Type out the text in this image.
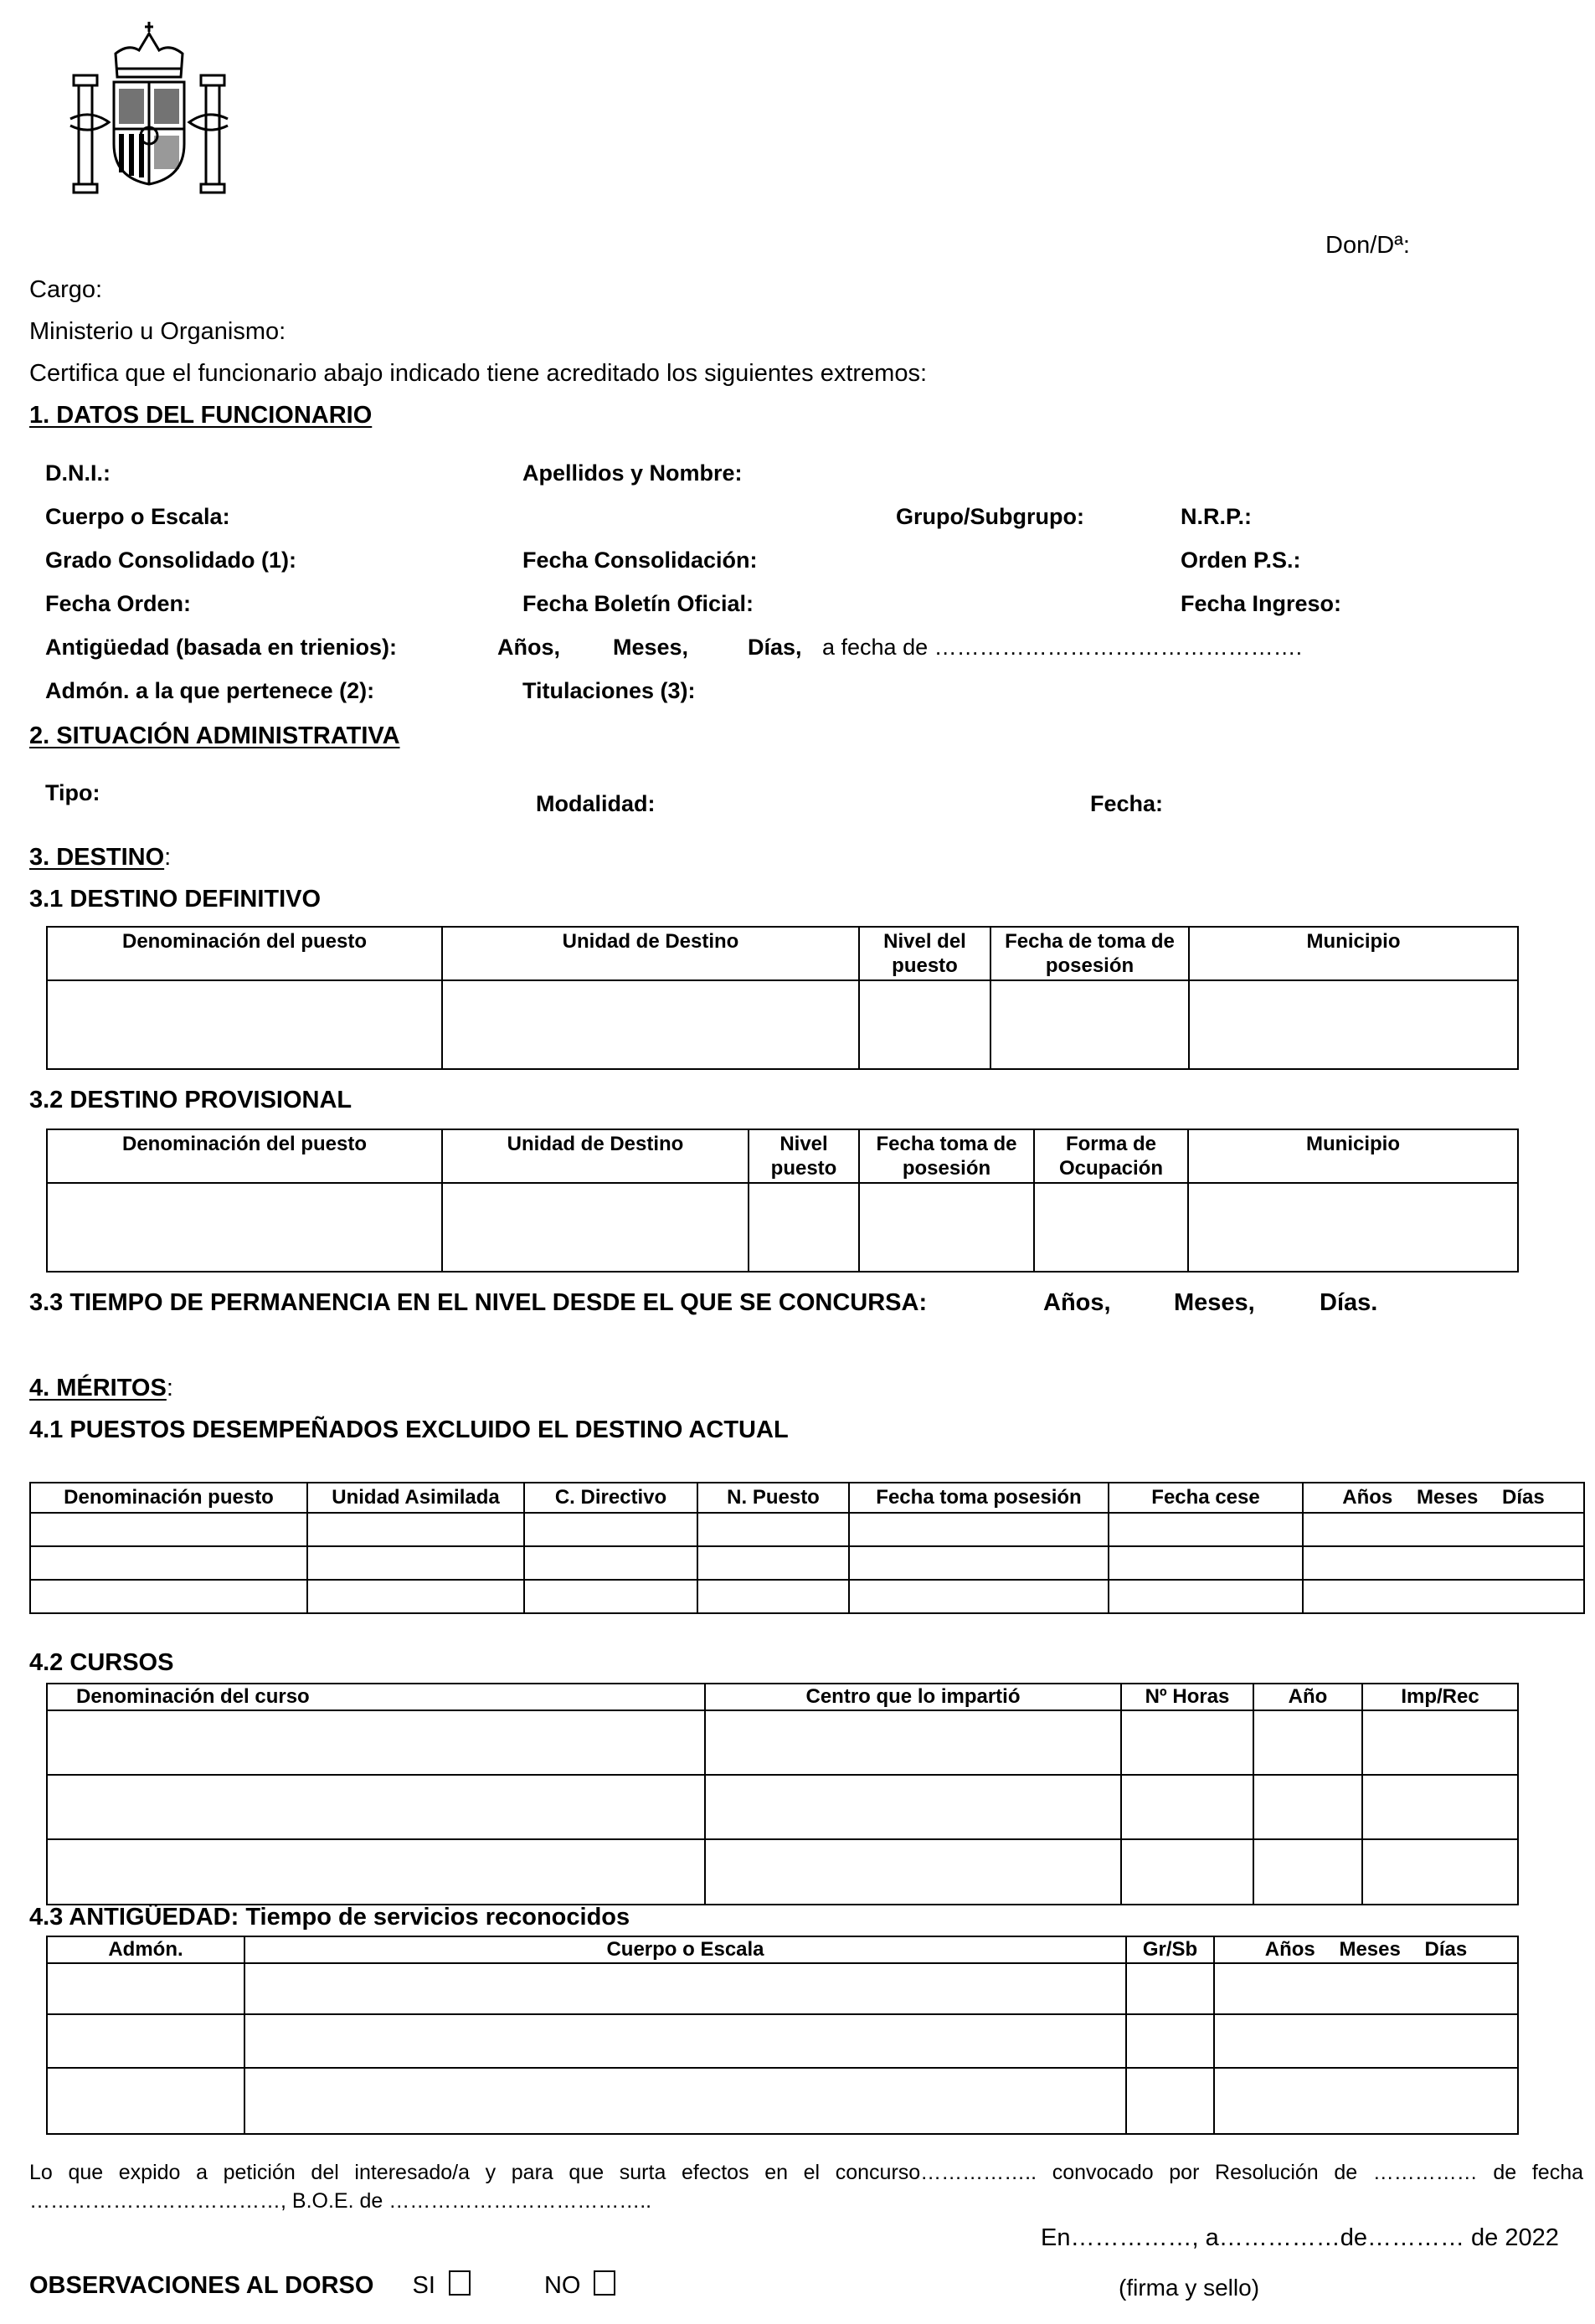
Don/Dª:
Cargo:
Ministerio u Organismo:
Certifica que el funcionario abajo indicado tiene acreditado los siguientes extremos:
1. DATOS DEL FUNCIONARIO
D.N.I.:	Apellidos y Nombre:
Cuerpo o Escala:	Grupo/Subgrupo:	N.R.P.:
Grado Consolidado (1):	Fecha Consolidación:	Orden P.S.:
Fecha Orden:	Fecha Boletín Oficial:	Fecha Ingreso:
Antigüedad (basada en trienios):	Años, Meses,	Días, a fecha de ………………………………………….
Admón. a la que pertenece (2):	Titulaciones (3):
2. SITUACIÓN ADMINISTRATIVA
Tipo:	Modalidad:	Fecha:
3. DESTINO:
3.1 DESTINO DEFINITIVO
Denominación del puesto	Unidad de Destino	Nivel del puesto	Fecha de toma de posesión	Municipio

3.2 DESTINO PROVISIONAL
Denominación del puesto	Unidad de Destino	Nivel puesto	Fecha toma de posesión	Forma de Ocupación	Municipio

3.3 TIEMPO DE PERMANENCIA EN EL NIVEL DESDE EL QUE SE CONCURSA:	Años,	Meses,	Días.
4. MÉRITOS:
4.1 PUESTOS DESEMPEÑADOS EXCLUIDO EL DESTINO ACTUAL
Denominación puesto	Unidad Asimilada	C. Directivo	N. Puesto	Fecha toma posesión	Fecha cese	Años Meses Días

4.2 CURSOS
Denominación del curso	Centro que lo impartió	Nº Horas	Año	Imp/Rec

4.3 ANTIGÜEDAD: Tiempo de servicios reconocidos
Admón.	Cuerpo o Escala	Gr/Sb	Años Meses Días

Lo que expido a petición del interesado/a y para que surta efectos en el concurso…………….. convocado por Resolución de …………… de fecha ………………………………, B.O.E. de ………………………………..
En……………, a……………de………… de 2022
OBSERVACIONES AL DORSO SI	NO	(firma y sello)
